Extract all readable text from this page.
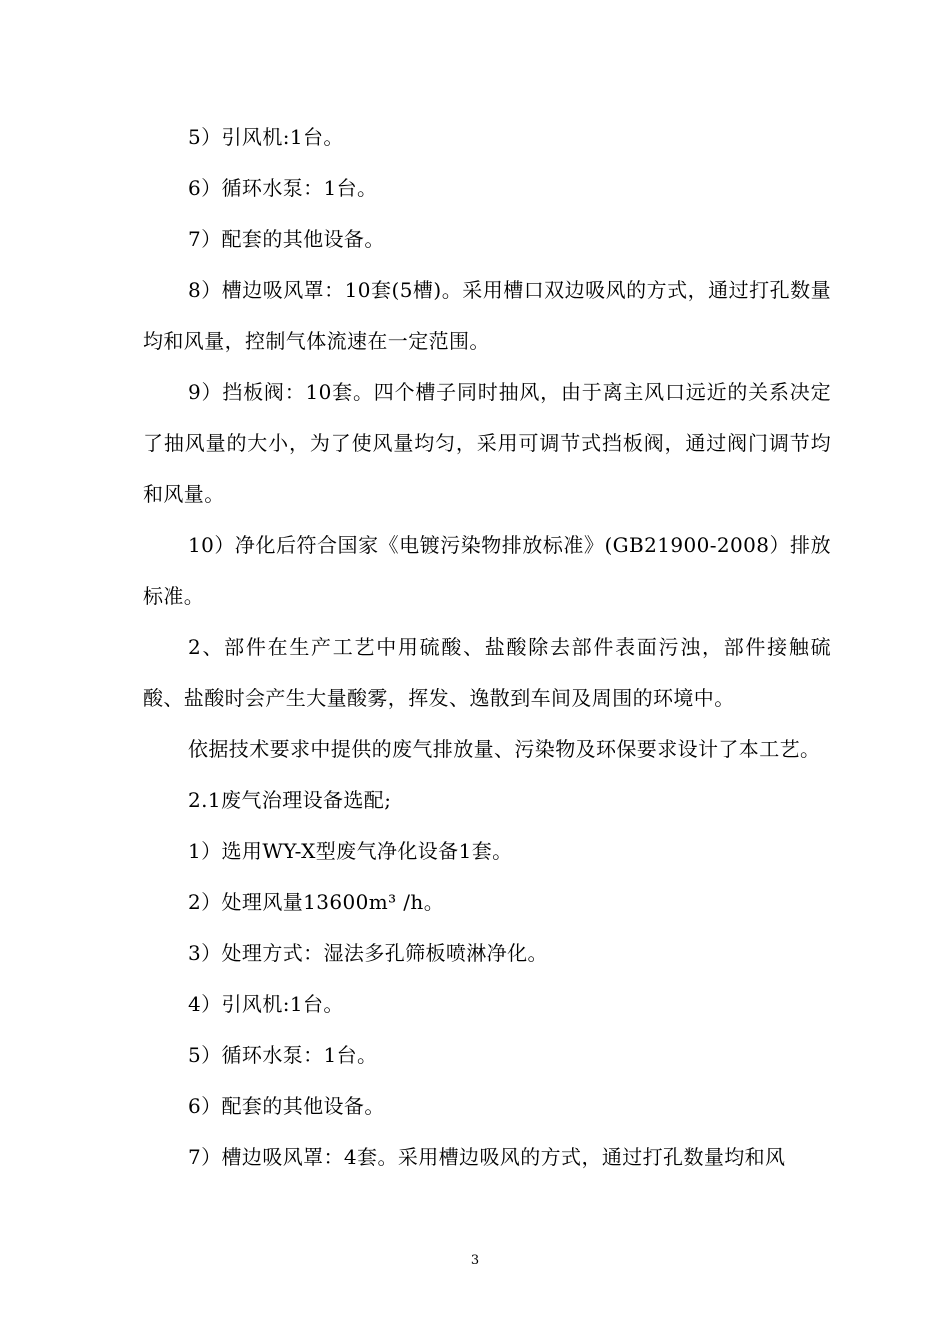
5）引风机:1台。

6）循环水泵：1台。

7）配套的其他设备。

8）槽边吸风罩：10套(5槽)。采用槽口双边吸风的方式，通过打孔数量均和风量，控制气体流速在一定范围。

9）挡板阀：10套。四个槽子同时抽风，由于离主风口远近的关系决定了抽风量的大小，为了使风量均匀，采用可调节式挡板阀，通过阀门调节均和风量。

10）净化后符合国家《电镀污染物排放标准》(GB21900-2008）排放标准。

2、部件在生产工艺中用硫酸、盐酸除去部件表面污浊，部件接触硫酸、盐酸时会产生大量酸雾，挥发、逸散到车间及周围的环境中。

依据技术要求中提供的废气排放量、污染物及环保要求设计了本工艺。

2.1废气治理设备选配;

1）选用WY-X型废气净化设备1套。

2）处理风量13600m³ /h。

3）处理方式：湿法多孔筛板喷淋净化。

4）引风机:1台。

5）循环水泵：1台。

6）配套的其他设备。

7）槽边吸风罩：4套。采用槽边吸风的方式，通过打孔数量均和风

3
